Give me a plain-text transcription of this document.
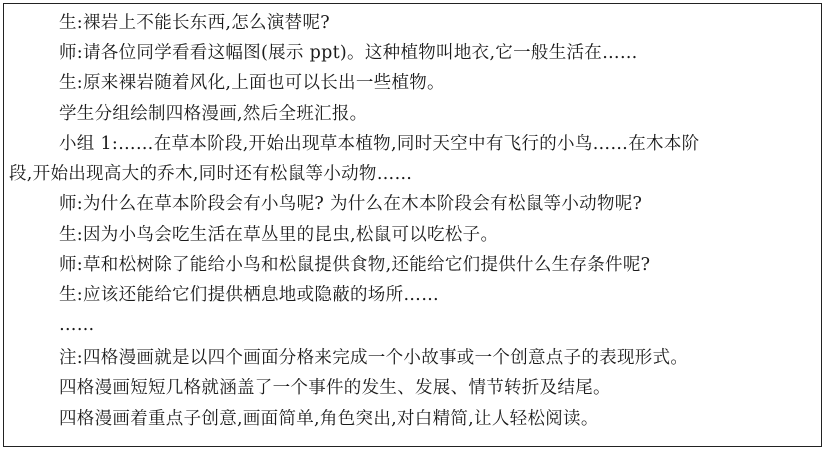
生:裸岩上不能长东西,怎么演替呢?
师:请各位同学看看这幅图(展示 ppt)。这种植物叫地衣,它一般生活在……
生:原来裸岩随着风化,上面也可以长出一些植物。
学生分组绘制四格漫画,然后全班汇报。
小组 1:……在草本阶段,开始出现草本植物,同时天空中有飞行的小鸟……在木本阶
段,开始出现高大的乔木,同时还有松鼠等小动物……
师:为什么在草本阶段会有小鸟呢? 为什么在木本阶段会有松鼠等小动物呢?
生:因为小鸟会吃生活在草丛里的昆虫,松鼠可以吃松子。
师:草和松树除了能给小鸟和松鼠提供食物,还能给它们提供什么生存条件呢?
生:应该还能给它们提供栖息地或隐蔽的场所……
……
注:四格漫画就是以四个画面分格来完成一个小故事或一个创意点子的表现形式。
四格漫画短短几格就涵盖了一个事件的发生、发展、情节转折及结尾。
四格漫画着重点子创意,画面简单,角色突出,对白精简,让人轻松阅读。
